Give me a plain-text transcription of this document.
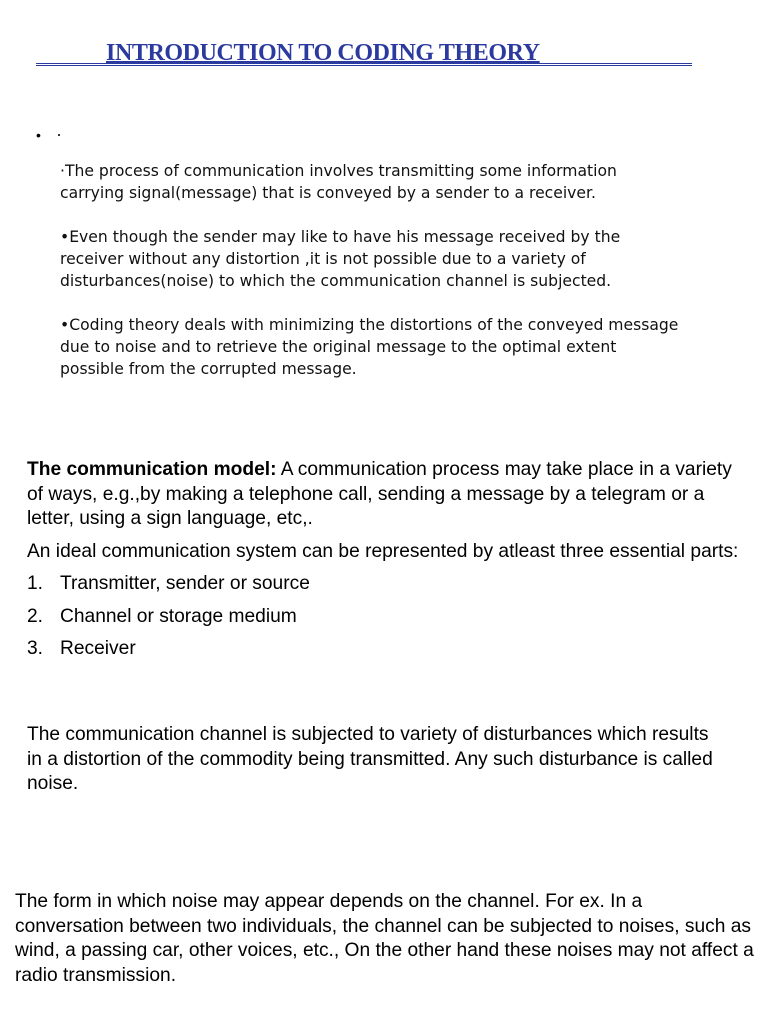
INTRODUCTION TO CODING THEORY
•

·The process of communication involves transmitting some information carrying signal(message) that is conveyed by a sender to a receiver.

•Even though the sender may like to have his message received by the receiver without any distortion ,it is not possible due to a variety of disturbances(noise) to which the communication channel is subjected.

•Coding theory deals with minimizing the distortions of the conveyed message due to noise and to retrieve the original message to the optimal extent possible from the corrupted message.

The communication model: A communication process may take place in a variety of ways, e.g.,by making a telephone call, sending a message by a telegram or a letter, using a sign language, etc,.

An ideal communication system can be represented by atleast three essential parts:

1. Transmitter, sender or source
2. Channel or storage medium
3. Receiver
The communication channel is subjected to variety of disturbances which results in a distortion of the commodity being transmitted. Any such disturbance is called noise.
The form in which noise may appear depends on the channel. For ex. In a conversation between two individuals, the channel can be subjected to noises, such as wind, a passing car, other voices, etc., On the other hand these noises may not affect a radio transmission.
